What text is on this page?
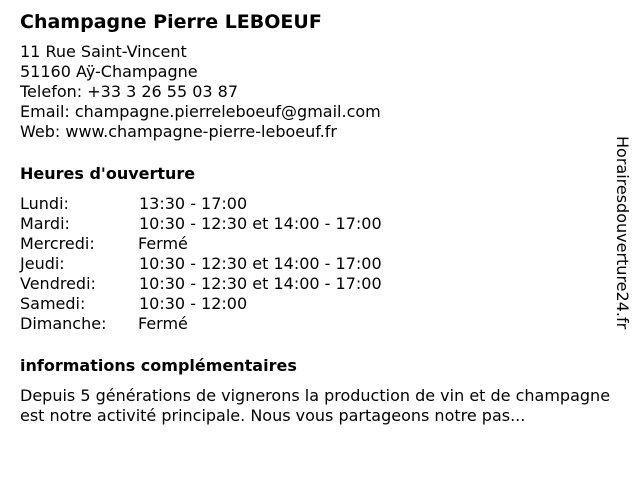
Champagne Pierre LEBOEUF
11 Rue Saint-Vincent
51160 Aÿ-Champagne
Telefon: +33 3 26 55 03 87
Email: champagne.pierreleboeuf@gmail.com
Web: www.champagne-pierre-leboeuf.fr
Heures d'ouverture
Lundi:	13:30 - 17:00
Mardi:	10:30 - 12:30 et 14:00 - 17:00
Mercredi:	Fermé
Jeudi:	10:30 - 12:30 et 14:00 - 17:00
Vendredi:	10:30 - 12:30 et 14:00 - 17:00
Samedi:	10:30 - 12:00
Dimanche: Fermé
informations complémentaires
Depuis 5 générations de vignerons la production de vin et de champagne est notre activité principale. Nous vous partageons notre pas...
Horairesdouverture24.fr
